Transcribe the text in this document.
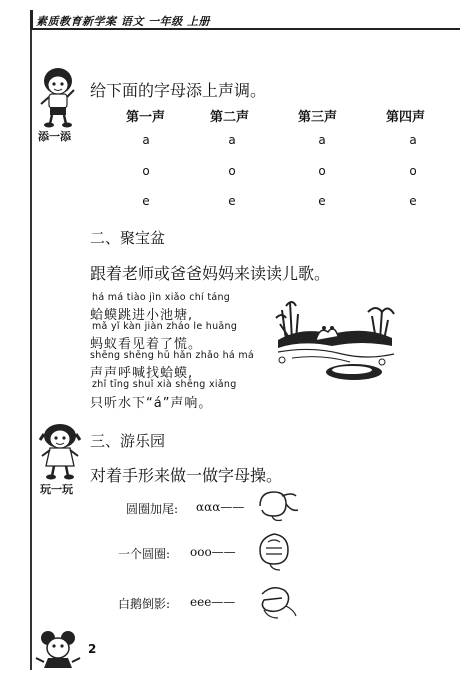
素质教育新学案 语文 一年级 上册
添一添
给下面的字母添上声调。
第一声	第二声	第三声	第四声
a	a	a	a
o	o	o	o
e	e	e	e
二、聚宝盆
跟着老师或爸爸妈妈来读读儿歌。
há má tiào jìn xiǎo chí táng
蛤蟆跳进小池塘,
mǎ yǐ kàn jiàn zháo le huāng
蚂蚁看见着了慌。
shēng shēng hū hǎn zhǎo há má
声声呼喊找蛤蟆,
zhǐ tīng shuǐ xià shēng xiǎng
只听水下“á”声响。
玩一玩
三、游乐园
对着手形来做一做字母操。
圆圈加尾: ααα——
一个圆圈: ooo——
白鹅倒影: eee——
2
